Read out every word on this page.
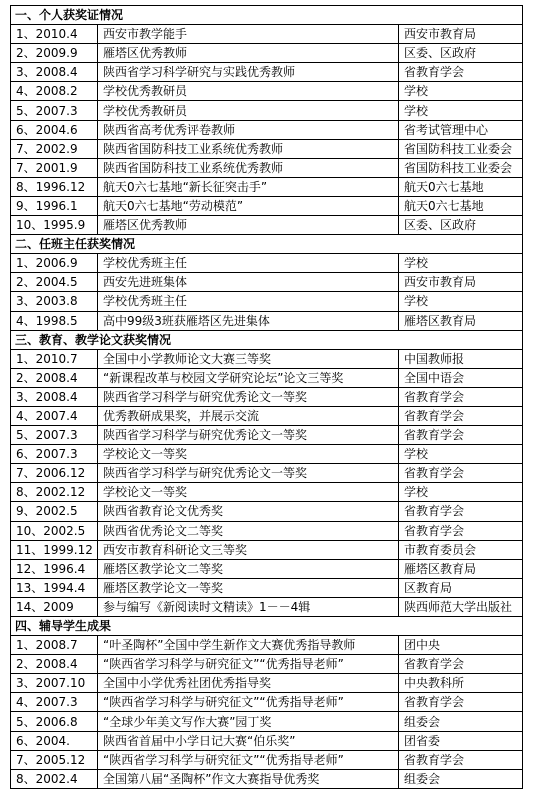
一、个人获奖证情况		
1、2010.4	西安市教学能手	西安市教育局
2、2009.9	雁塔区优秀教师	区委、区政府
3、2008.4	陕西省学习科学研究与实践优秀教师	省教育学会
4、2008.2	学校优秀教研员	学校
5、2007.3	学校优秀教研员	学校
6、2004.6	陕西省高考优秀评卷教师	省考试管理中心
7、2002.9	陕西省国防科技工业系统优秀教师	省国防科技工业委会
7、2001.9	陕西省国防科技工业系统优秀教师	省国防科技工业委会
8、1996.12	航天0六七基地“新长征突击手”	航天0六七基地
9、1996.1	航天0六七基地“劳动模范”	航天0六七基地
10、1995.9	雁塔区优秀教师	区委、区政府
二、任班主任获奖情况		
1、2006.9	学校优秀班主任	学校
2、2004.5	西安先进班集体	西安市教育局
3、2003.8	学校优秀班主任	学校
4、1998.5	高中99级3班获雁塔区先进集体	雁塔区教育局
三、教育、教学论文获奖情况		
1、2010.7	全国中小学教师论文大赛三等奖	中国教师报
2、2008.4	“新课程改革与校园文学研究论坛”论文三等奖	全国中语会
3、2008.4	陕西省学习科学与研究优秀论文一等奖	省教育学会
4、2007.4	优秀教研成果奖，并展示交流	省教育学会
5、2007.3	陕西省学习科学与研究优秀论文一等奖	省教育学会
6、2007.3	学校论文一等奖	学校
7、2006.12	陕西省学习科学与研究优秀论文一等奖	省教育学会
8、2002.12	学校论文一等奖	学校
9、2002.5	陕西省教育论文优秀奖	省教育学会
10、2002.5	陕西省优秀论文二等奖	省教育学会
11、1999.12	西安市教育科研论文三等奖	市教育委员会
12、1996.4	雁塔区教学论文二等奖	雁塔区教育局
13、1994.4	雁塔区教学论文一等奖	区教育局
14、2009	参与编写《新阅读时文精读》1－－4辑	陕西师范大学出版社
四、辅导学生成果		
1、2008.7	“叶圣陶杯”全国中学生新作文大赛优秀指导教师	团中央
2、2008.4	“陕西省学习科学与研究征文”“优秀指导老师”	省教育学会
3、2007.10	全国中小学优秀社团优秀指导奖	中央教科所
4、2007.3	“陕西省学习科学与研究征文”“优秀指导老师”	省教育学会
5、2006.8	“全球少年美文写作大赛”园丁奖	组委会
6、2004.	陕西省首届中小学日记大赛“伯乐奖”	团省委
7、2005.12	“陕西省学习科学与研究征文”“优秀指导老师”	省教育学会
8、2002.4	全国第八届“圣陶杯”作文大赛指导优秀奖	组委会
